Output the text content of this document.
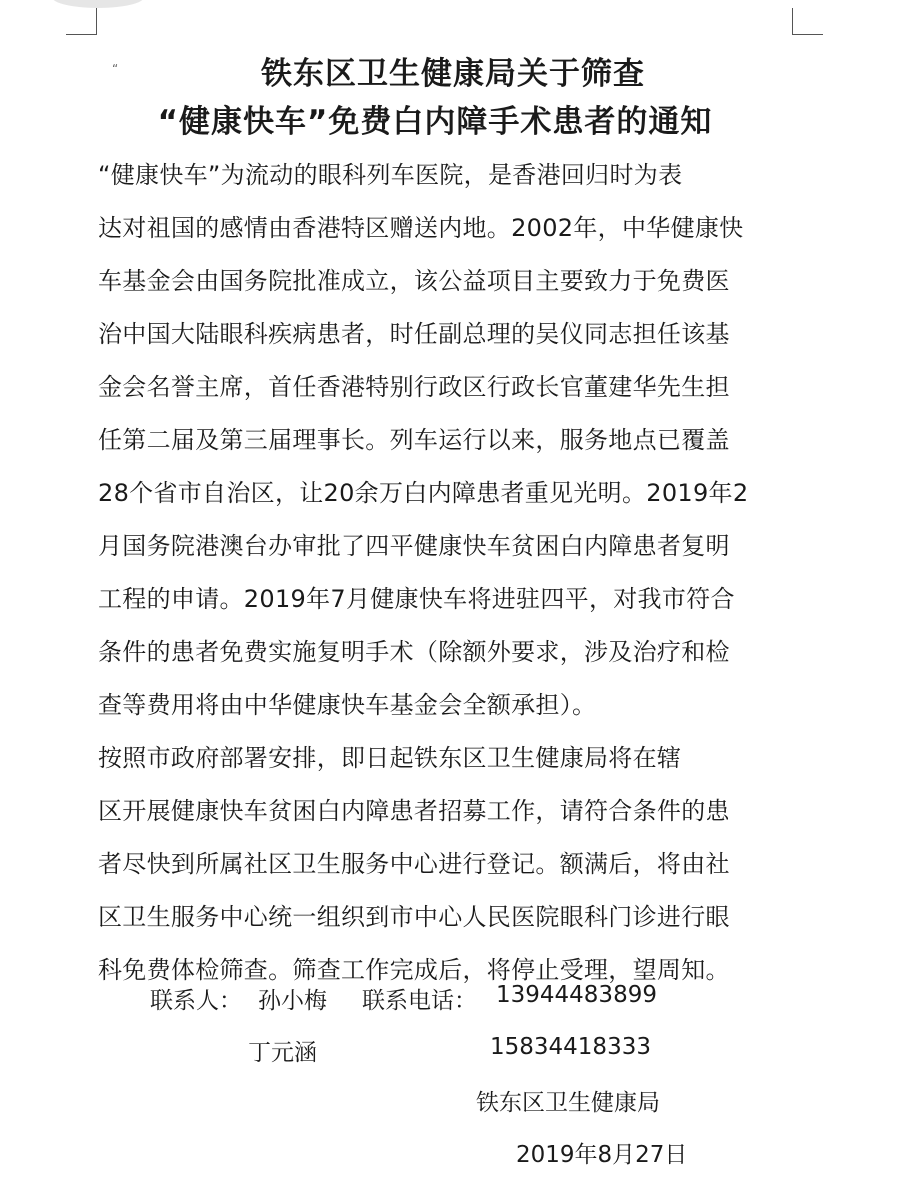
“	铁东区卫生健康局关于筛查
“健康快车”免费白内障手术患者的通知
“健康快车”为流动的眼科列车医院，是香港回归时为表
达对祖国的感情由香港特区赠送内地。2002年，中华健康快
车基金会由国务院批准成立，该公益项目主要致力于免费医
治中国大陆眼科疾病患者，时任副总理的吴仪同志担任该基
金会名誉主席，首任香港特别行政区行政长官董建华先生担
任第二届及第三届理事长。列车运行以来，服务地点已覆盖
28个省市自治区，让20余万白内障患者重见光明。2019年2
月国务院港澳台办审批了四平健康快车贫困白内障患者复明
工程的申请。2019年7月健康快车将进驻四平，对我市符合
条件的患者免费实施复明手术（除额外要求，涉及治疗和检
查等费用将由中华健康快车基金会全额承担）。
按照市政府部署安排，即日起铁东区卫生健康局将在辖
区开展健康快车贫困白内障患者招募工作，请符合条件的患
者尽快到所属社区卫生服务中心进行登记。额满后，将由社
区卫生服务中心统一组织到市中心人民医院眼科门诊进行眼
科免费体检筛查。筛查工作完成后，将停止受理，望周知。
联系人： 孙小梅 联系电话： 13944483899
丁元涵	15834418333
铁东区卫生健康局
2019年8月27日
